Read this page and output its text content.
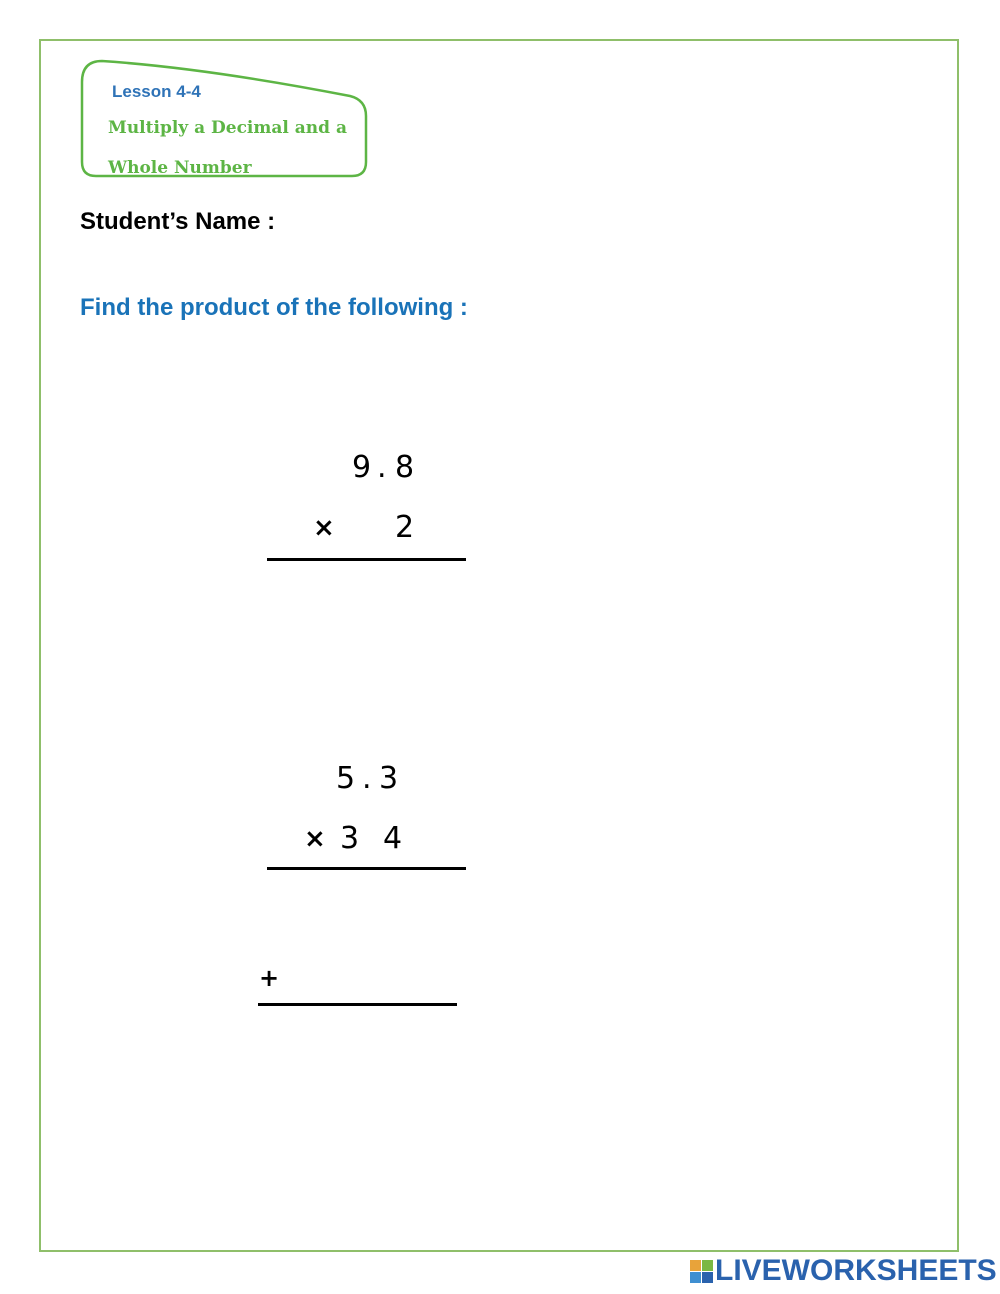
Lesson 4-4
Multiply a Decimal and a Whole Number
Student’s Name :
Find the product of the following :
9 . 8
× 2
5 . 3
× 3 4
+
LIVEWORKSHEETS
